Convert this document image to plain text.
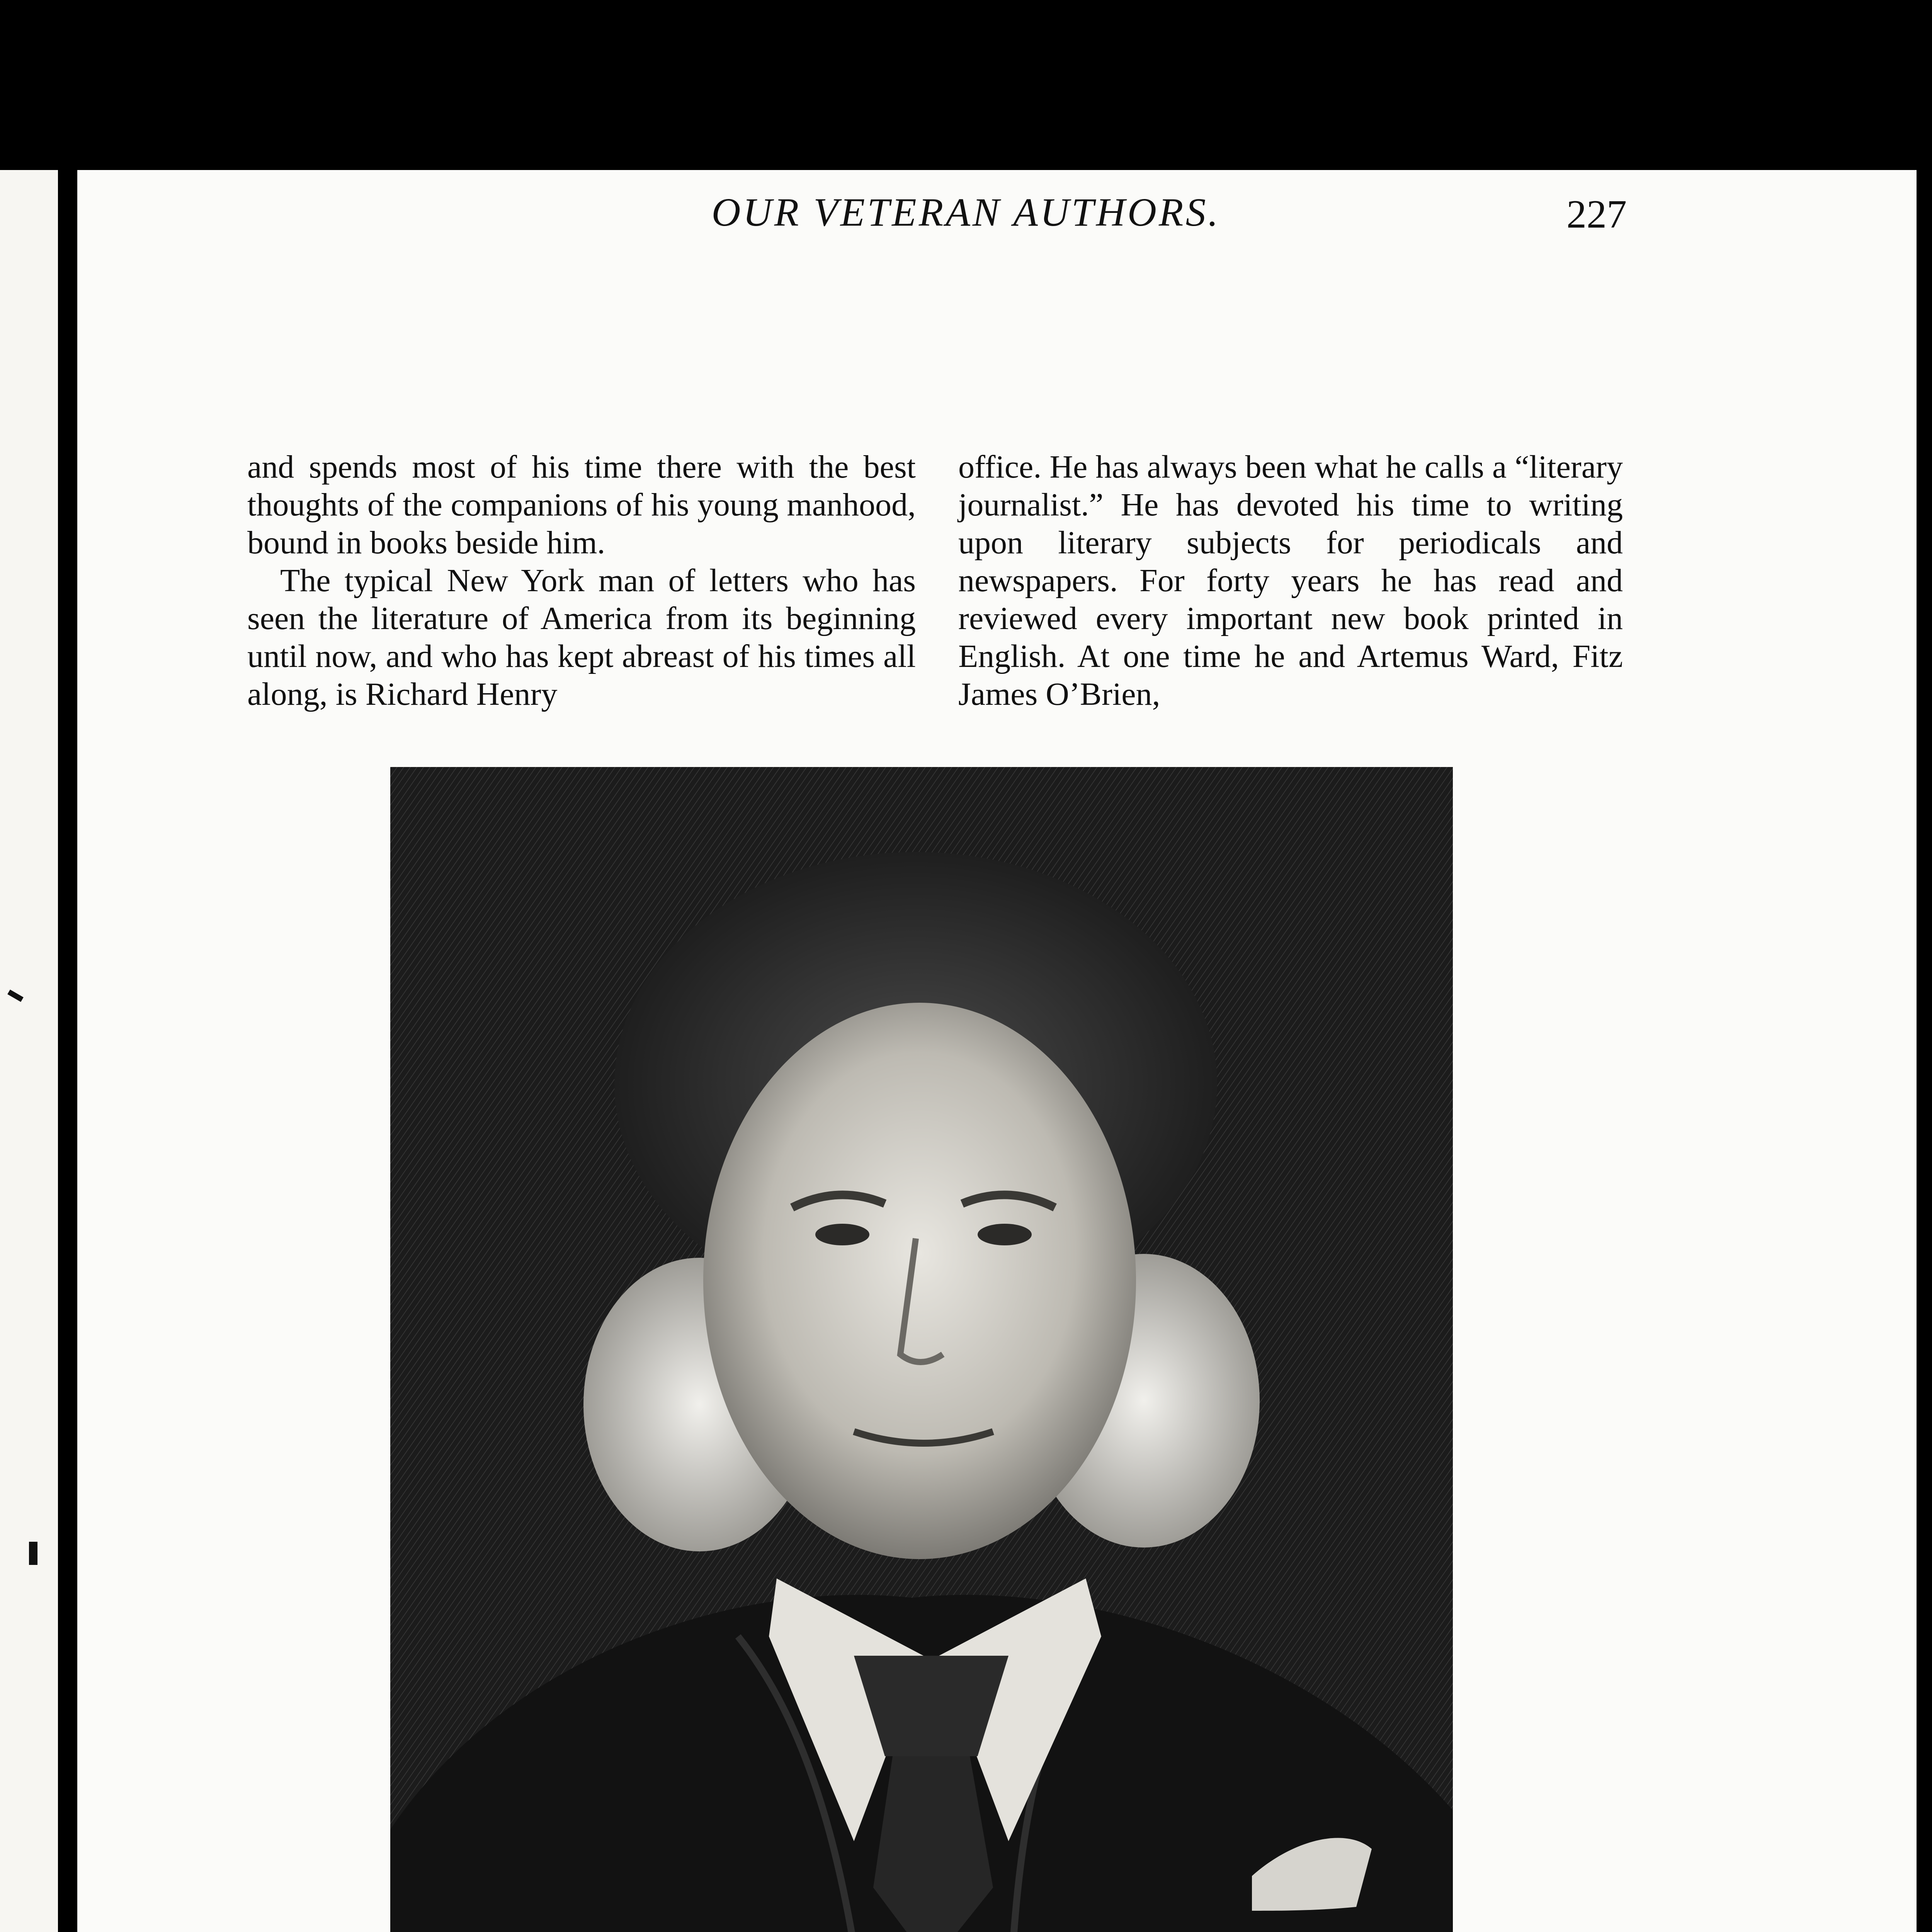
OUR VETERAN AUTHORS.	227

and spends most of his time there with the best thoughts of the companions of his young manhood, bound in books beside him.

The typical New York man of letters who has seen the literature of America from its beginning until now, and who has kept abreast of his times all along, is Richard Henry

office. He has always been what he calls a “literary journalist.” He has devoted his time to writing upon literary subjects for periodicals and newspapers. For forty years he has read and reviewed every important new book printed in English. At one time he and Artemus Ward, Fitz James O’Brien,
